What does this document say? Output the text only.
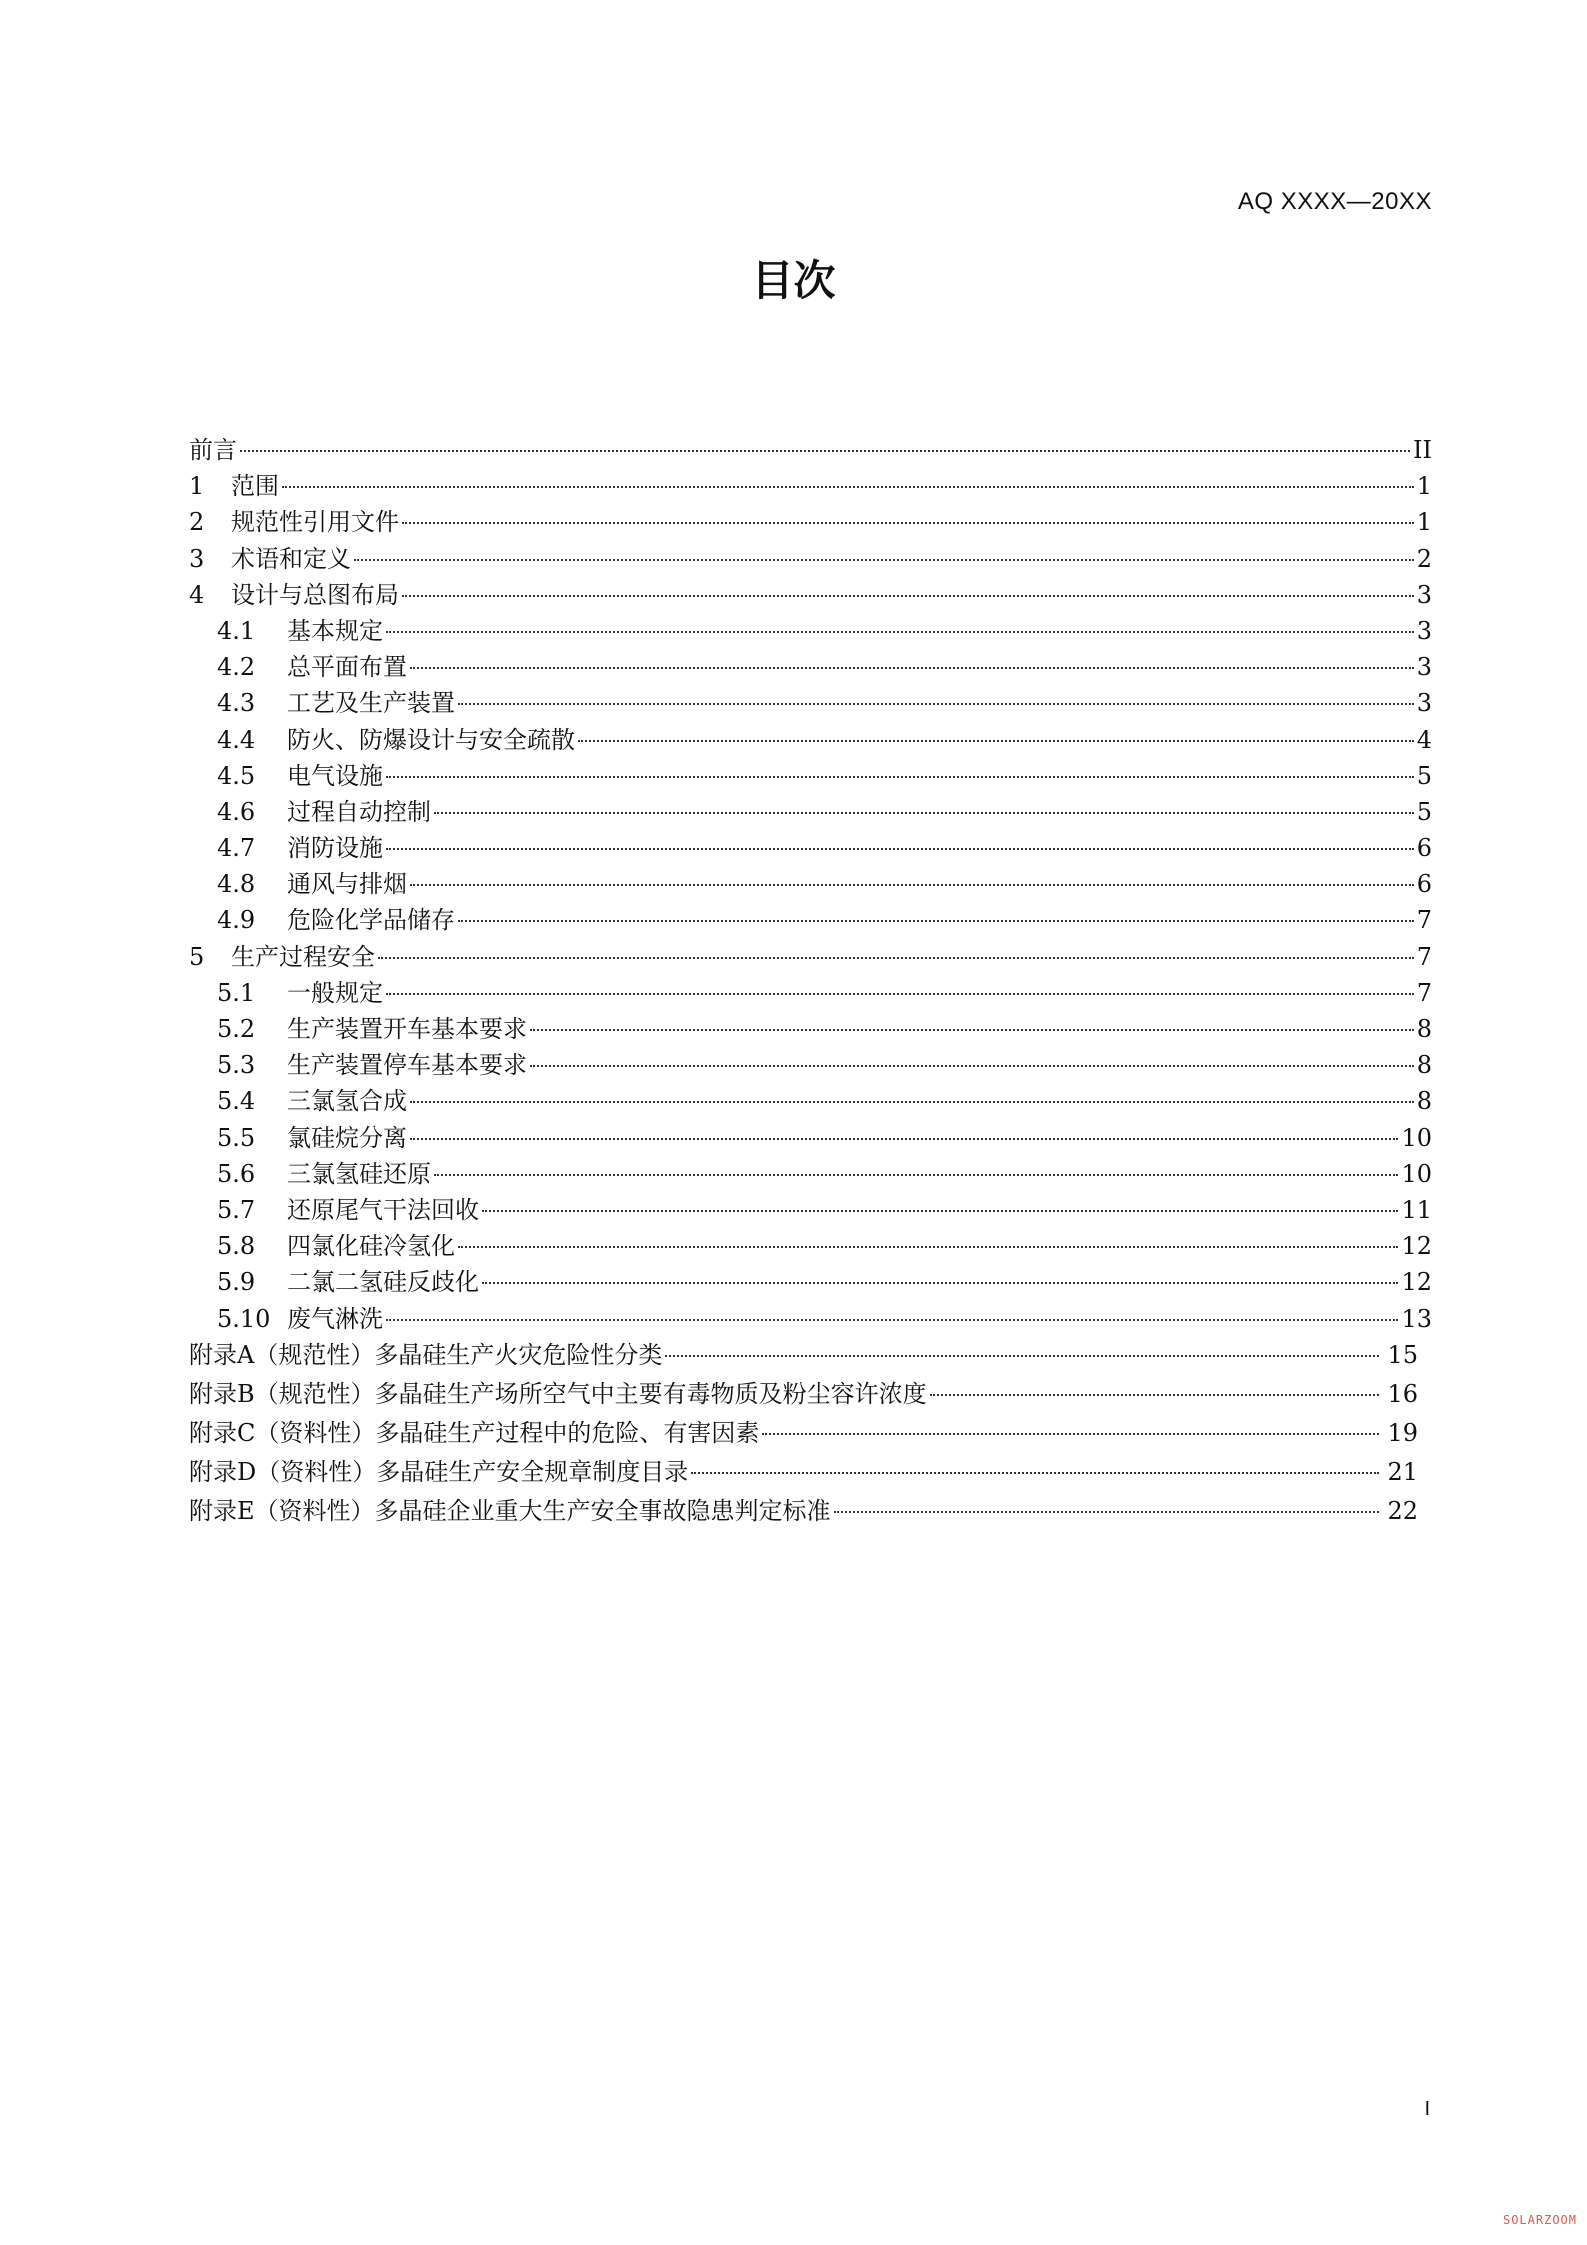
AQ XXXX—20XX
目次
前言	II
1	范围	1
2	规范性引用文件	1
3	术语和定义	2
4	设计与总图布局	3
4.1	基本规定	3
4.2	总平面布置	3
4.3	工艺及生产装置	3
4.4	防火、防爆设计与安全疏散	4
4.5	电气设施	5
4.6	过程自动控制	5
4.7	消防设施	6
4.8	通风与排烟	6
4.9	危险化学品储存	7
5	生产过程安全	7
5.1	一般规定	7
5.2	生产装置开车基本要求	8
5.3	生产装置停车基本要求	8
5.4	三氯氢合成	8
5.5	氯硅烷分离	10
5.6	三氯氢硅还原	10
5.7	还原尾气干法回收	11
5.8	四氯化硅冷氢化	12
5.9	二氯二氢硅反歧化	12
5.10 废气淋洗	13
附录A（规范性）多晶硅生产火灾危险性分类	15
附录B（规范性）多晶硅生产场所空气中主要有毒物质及粉尘容许浓度	16
附录C（资料性）多晶硅生产过程中的危险、有害因素	19
附录D（资料性）多晶硅生产安全规章制度目录	21
附录E（资料性）多晶硅企业重大生产安全事故隐患判定标准	22
I
SOLARZOOM
